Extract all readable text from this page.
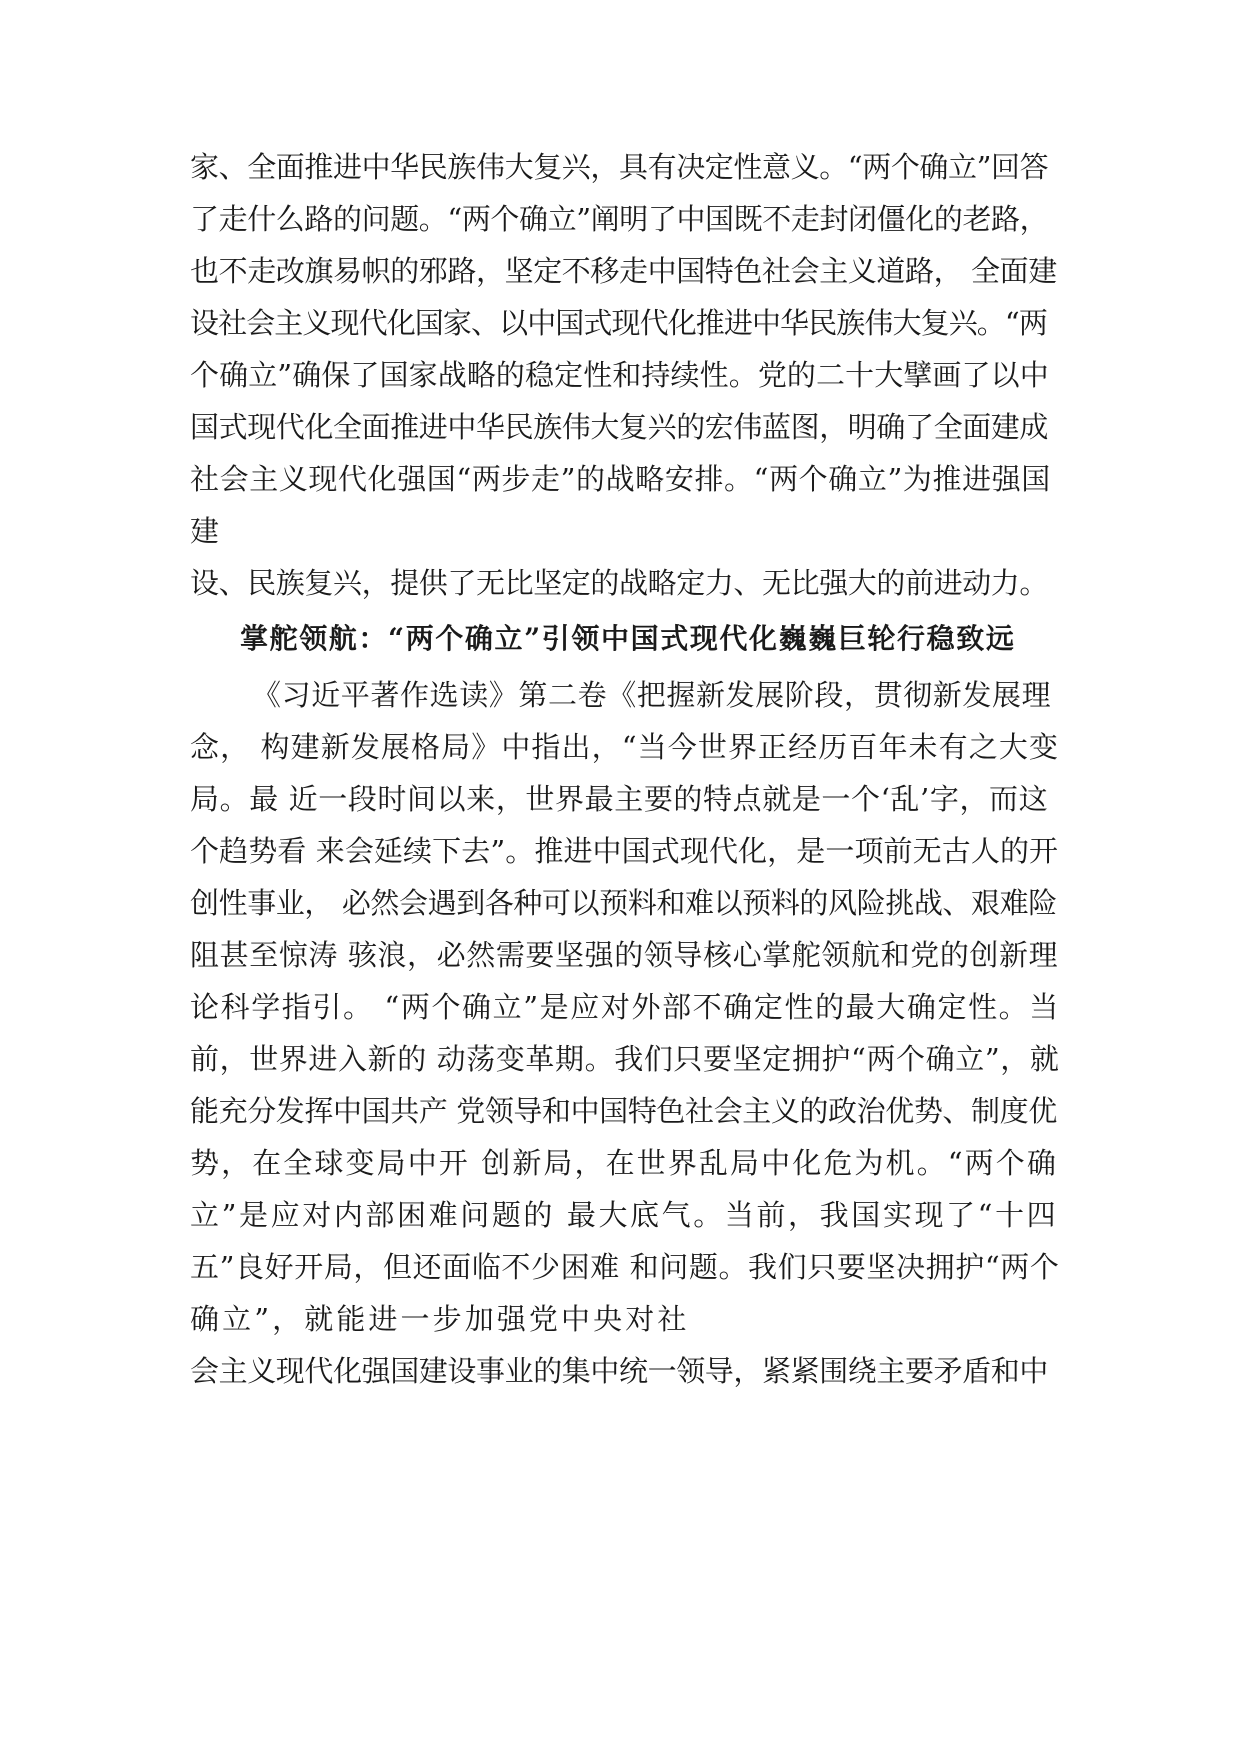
家、全面推进中华民族伟大复兴，具有决定性意义。“两个确立”回答
了走什么路的问题。“两个确立”阐明了中国既不走封闭僵化的老路，
也不走改旗易帜的邪路，坚定不移走中国特色社会主义道路， 全面建
设社会主义现代化国家、以中国式现代化推进中华民族伟大复兴。“两
个确立”确保了国家战略的稳定性和持续性。党的二十大擘画了以中
国式现代化全面推进中华民族伟大复兴的宏伟蓝图，明确了全面建成
社会主义现代化强国“两步走”的战略安排。“两个确立”为推进强国
建
设、民族复兴，提供了无比坚定的战略定力、无比强大的前进动力。
掌舵领航：“两个确立”引领中国式现代化巍巍巨轮行稳致远
《习近平著作选读》第二卷《把握新发展阶段，贯彻新发展理
念， 构建新发展格局》中指出，“当今世界正经历百年未有之大变
局。最 近一段时间以来，世界最主要的特点就是一个‘乱’字，而这
个趋势看 来会延续下去”。推进中国式现代化，是一项前无古人的开
创性事业， 必然会遇到各种可以预料和难以预料的风险挑战、艰难险
阻甚至惊涛 骇浪，必然需要坚强的领导核心掌舵领航和党的创新理
论科学指引。 “两个确立”是应对外部不确定性的最大确定性。当
前，世界进入新的 动荡变革期。我们只要坚定拥护“两个确立”，就
能充分发挥中国共产 党领导和中国特色社会主义的政治优势、制度优
势，在全球变局中开 创新局，在世界乱局中化危为机。“两个确
立”是应对内部困难问题的 最大底气。当前，我国实现了“十四
五”良好开局，但还面临不少困难 和问题。我们只要坚决拥护“两个
确立”，就能进一步加强党中央对社
会主义现代化强国建设事业的集中统一领导，紧紧围绕主要矛盾和中
